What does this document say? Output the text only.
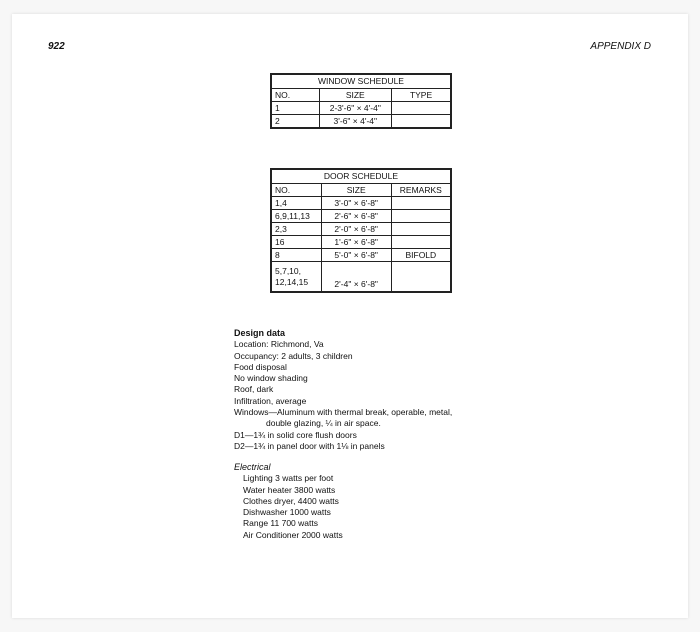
922	APPENDIX D
WINDOW SCHEDULE		
NO.	SIZE	TYPE
1	2-3'-6" × 4'-4"	
2	3'-6" × 4'-4"	
DOOR SCHEDULE		
NO.	SIZE	REMARKS
1,4	3'-0" × 6'-8"	
6,9,11,13	2'-6" × 6'-8"	
2,3	2'-0" × 6'-8"	
16	1'-6" × 6'-8"	
8	5'-0" × 6'-8"	BIFOLD
5,7,10,
12,14,15	2'-4" × 6'-8"	
Design data
Location: Richmond, Va
Occupancy: 2 adults, 3 children
Food disposal
No window shading
Roof, dark
Infiltration, average
Windows—Aluminum with thermal break, operable, metal,
double glazing, ¼ in air space.
D1—1¾ in solid core flush doors
D2—1¾ in panel door with 1⅛ in panels
Electrical
Lighting 3 watts per foot
Water heater 3800 watts
Clothes dryer, 4400 watts
Dishwasher 1000 watts
Range 11 700 watts
Air Conditioner 2000 watts
